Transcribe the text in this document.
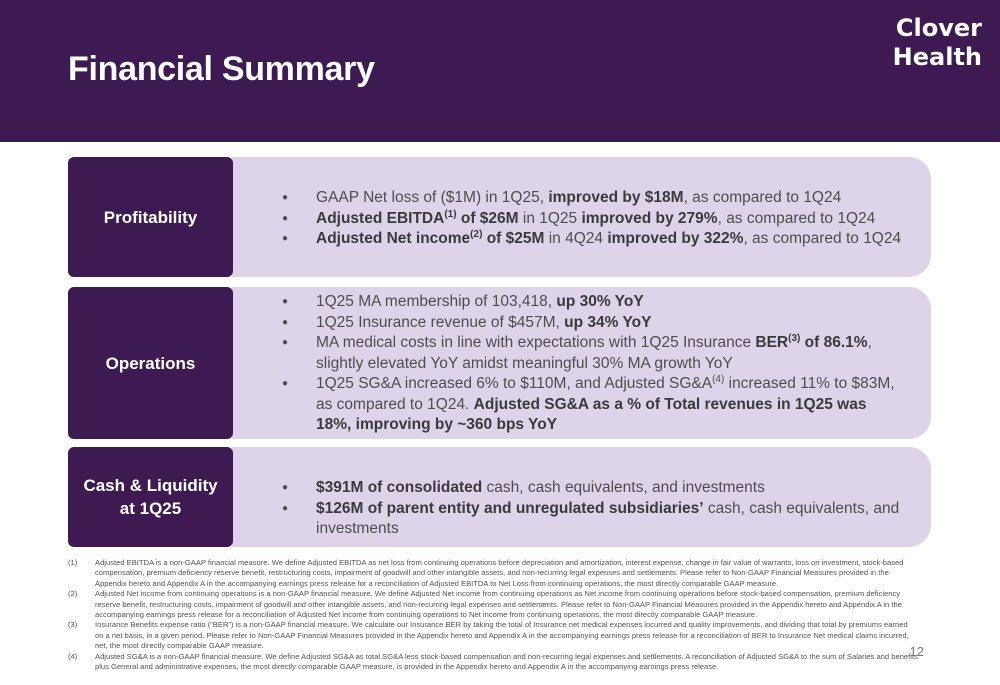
Financial Summary
Clover
Health
● GAAP Net loss of ($1M) in 1Q25, improved by $18M, as compared to 1Q24
● Adjusted EBITDA$^{(1)}$ of $26M in 1Q25 improved by 279%, as compared to 1Q24
● Adjusted Net income$^{(2)}$ of $25M in 4Q24 improved by 322%, as compared to 1Q24
Profitability
● 1Q25 MA membership of 103,418, up 30% YoY
● 1Q25 Insurance revenue of $457M, up 34% YoY
● MA medical costs in line with expectations with 1Q25 Insurance BER$^{(3)}$ of 86.1%, slightly elevated YoY amidst meaningful 30% MA growth YoY
● 1Q25 SG&A increased 6% to $110M, and Adjusted $SG\&A^{(4)}$ increased 11% to $83M, as compared to 1Q24. Adjusted SG&A as a % of Total revenues in 1Q25 was 18%, improving by ~360 bps YoY
Operations
● $391M of consolidated cash, cash equivalents, and investments
● $126M of parent entity and unregulated subsidiaries’ cash, cash equivalents, and investments
Cash & Liquidity
at 1Q25
(1) Adjusted EBITDA is a non-GAAP financial measure. We define Adjusted EBITDA as net loss from continuing operations before depreciation and amortization, interest expense, change in fair value of warrants, loss on investment, stock-based compensation, premium deficiency reserve benefit, restructuring costs, impairment of goodwill and other intangible assets, and non-recurring legal expenses and settlements. Please refer to Non-GAAP Financial Measures provided in the Appendix hereto and Appendix A in the accompanying earnings press release for a reconciliation of Adjusted EBITDA to Net Loss from continuing operations, the most directly comparable GAAP measure.
(2) Adjusted Net income from continuing operations is a non-GAAP financial measure. We define Adjusted Net income from continuing operations as Net income from continuing operations before stock-based compensation, premium deficiency reserve benefit, restructuring costs, impairment of goodwill and other intangible assets, and non-recurring legal expenses and settlements. Please refer to Non-GAAP Financial Measures provided in the Appendix hereto and Appendix A in the accompanying earnings press release for a reconciliation of Adjusted Net income from continuing operations to Net income from continuing operations, the most directly comparable GAAP measure.
(3) Insurance Benefits expense ratio (“BER”) is a non-GAAP financial measure. We calculate our Insurance BER by taking the total of Insurance net medical expenses incurred and quality improvements, and dividing that total by premiums earned on a net basis, in a given period. Please refer to Non-GAAP Financial Measures provided in the Appendix hereto and Appendix A in the accompanying earnings press release for a reconciliation of BER to Insurance Net medical claims incurred, net, the most directly comparable GAAP measure.
(4) Adjusted SG&A is a non-GAAP financial measure. We define Adjusted SG&A as total SG&A less stock-based compensation and non-recurring legal expenses and settlements. A reconciliation of Adjusted SG&A to the sum of Salaries and benefits plus General and administrative expenses, the most directly comparable GAAP measure, is provided in the Appendix hereto and Appendix A in the accompanying earnings press release.
12
